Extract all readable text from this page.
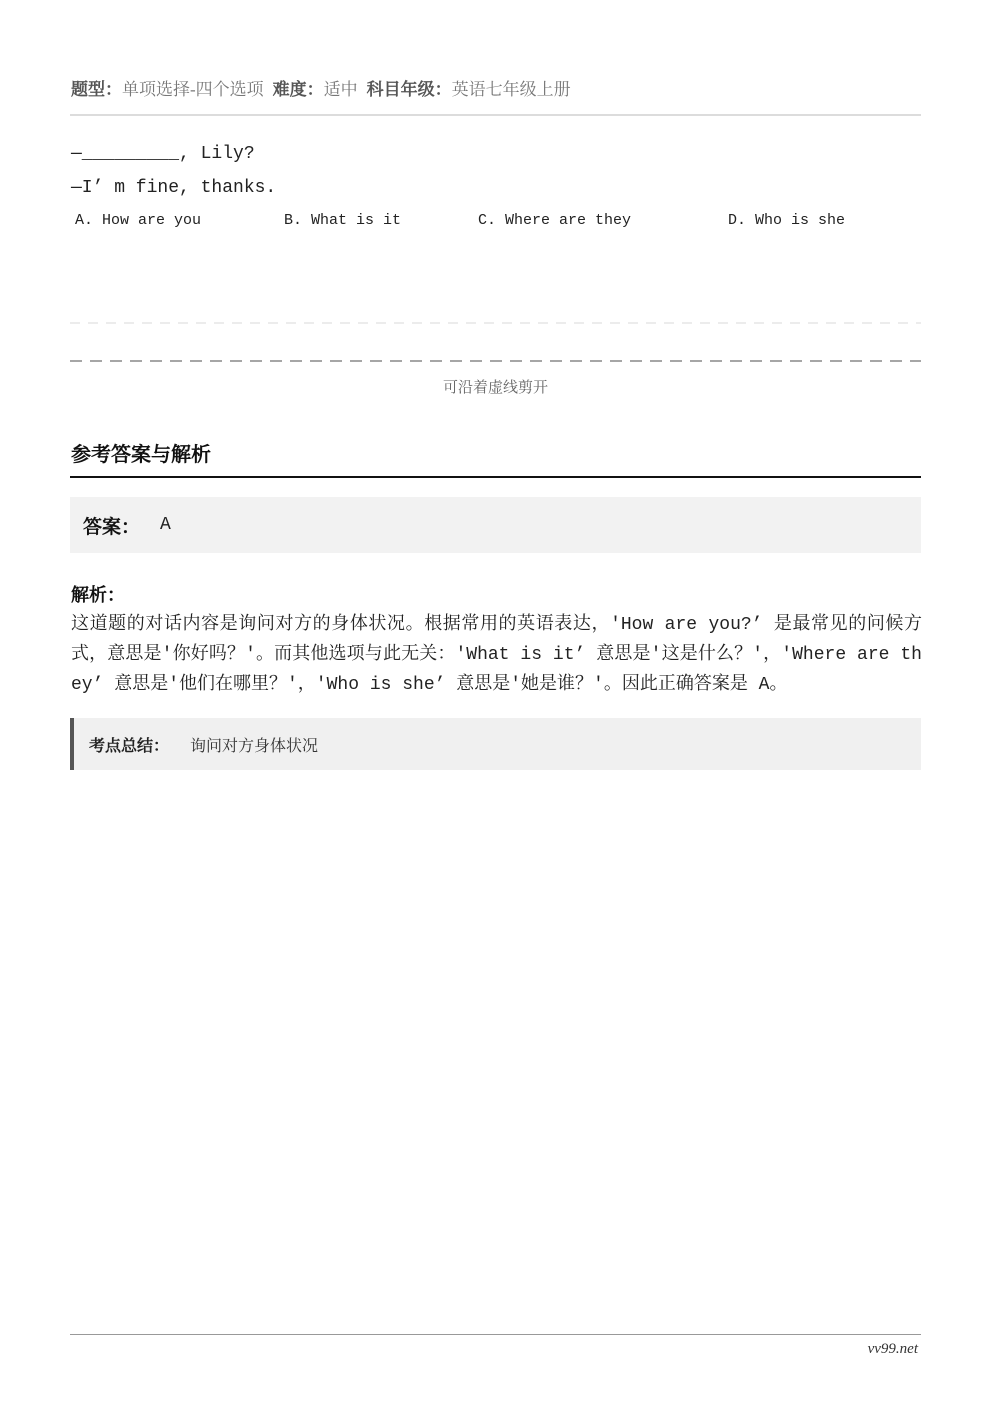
题型：单项选择-四个选项 难度：适中 科目年级：英语七年级上册
—_________, Lily?
—I’ m fine, thanks.
A. How are you	B. What is it	C. Where are they	D. Who is she
可沿着虚线剪开
参考答案与解析
答案：	A
解析：
这道题的对话内容是询问对方的身体状况。根据常用的英语表达，'How are you?’ 是最常见的问候方式，意思是'你好吗？'。而其他选项与此无关：'What is it’ 意思是'这是什么？'，'Where are they’ 意思是'他们在哪里？'，'Who is she’ 意思是'她是谁？'。因此正确答案是 A。
考点总结：	询问对方身体状况
vv99.net
